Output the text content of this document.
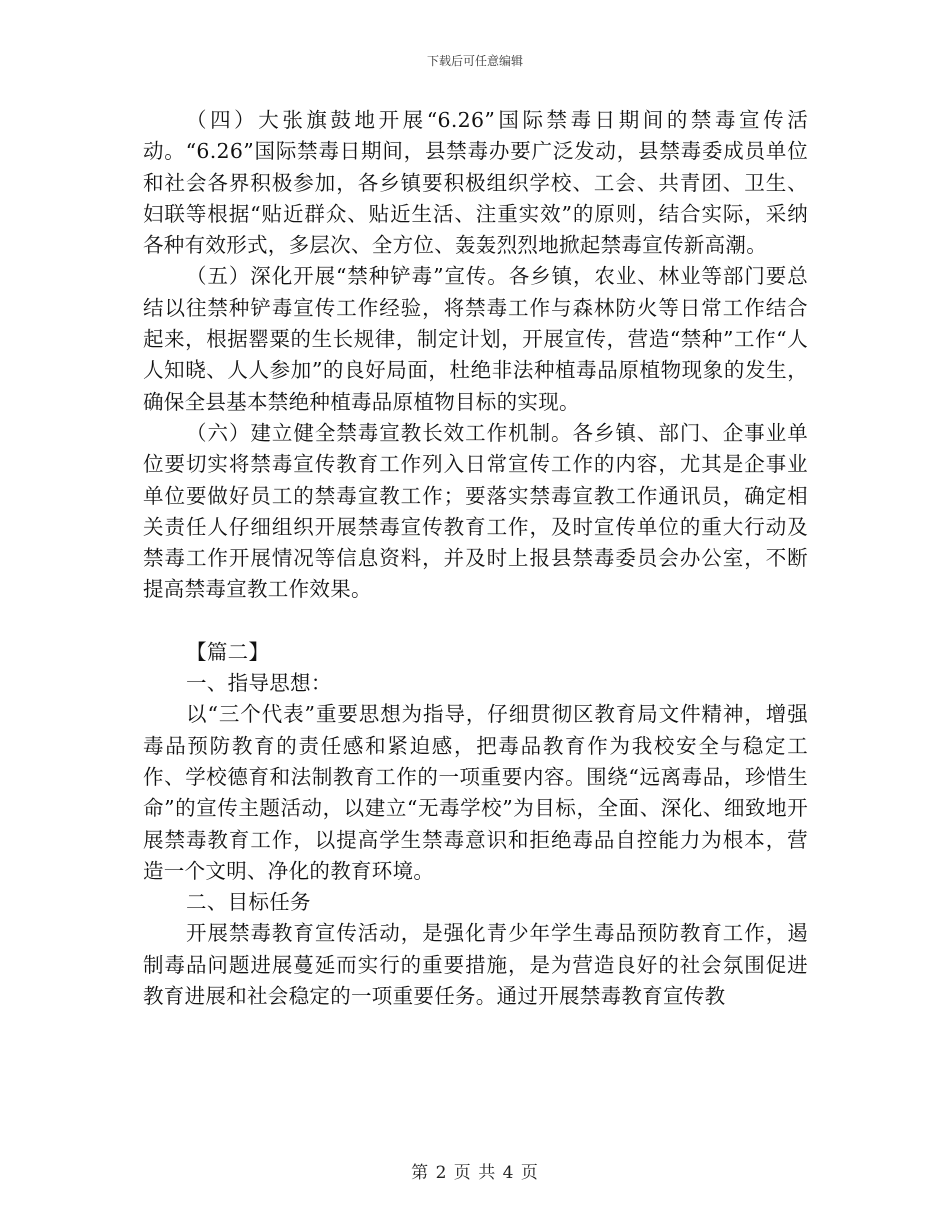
下载后可任意编辑

（四）大张旗鼓地开展“6.26”国际禁毒日期间的禁毒宣传活动。“6.26”国际禁毒日期间，县禁毒办要广泛发动，县禁毒委成员单位和社会各界积极参加，各乡镇要积极组织学校、工会、共青团、卫生、妇联等根据“贴近群众、贴近生活、注重实效”的原则，结合实际，采纳各种有效形式，多层次、全方位、轰轰烈烈地掀起禁毒宣传新高潮。

（五）深化开展“禁种铲毒”宣传。各乡镇，农业、林业等部门要总结以往禁种铲毒宣传工作经验，将禁毒工作与森林防火等日常工作结合起来，根据罂粟的生长规律，制定计划，开展宣传，营造“禁种”工作“人人知晓、人人参加”的良好局面，杜绝非法种植毒品原植物现象的发生，确保全县基本禁绝种植毒品原植物目标的实现。

（六）建立健全禁毒宣教长效工作机制。各乡镇、部门、企事业单位要切实将禁毒宣传教育工作列入日常宣传工作的内容，尤其是企事业单位要做好员工的禁毒宣教工作；要落实禁毒宣教工作通讯员，确定相关责任人仔细组织开展禁毒宣传教育工作，及时宣传单位的重大行动及禁毒工作开展情况等信息资料，并及时上报县禁毒委员会办公室，不断提高禁毒宣教工作效果。

【篇二】

一、指导思想：

以“三个代表”重要思想为指导，仔细贯彻区教育局文件精神，增强毒品预防教育的责任感和紧迫感，把毒品教育作为我校安全与稳定工作、学校德育和法制教育工作的一项重要内容。围绕“远离毒品，珍惜生命”的宣传主题活动，以建立“无毒学校”为目标，全面、深化、细致地开展禁毒教育工作，以提高学生禁毒意识和拒绝毒品自控能力为根本，营造一个文明、净化的教育环境。

二、目标任务

开展禁毒教育宣传活动，是强化青少年学生毒品预防教育工作，遏制毒品问题进展蔓延而实行的重要措施，是为营造良好的社会氛围促进教育进展和社会稳定的一项重要任务。通过开展禁毒教育宣传教

第 2 页 共 4 页
